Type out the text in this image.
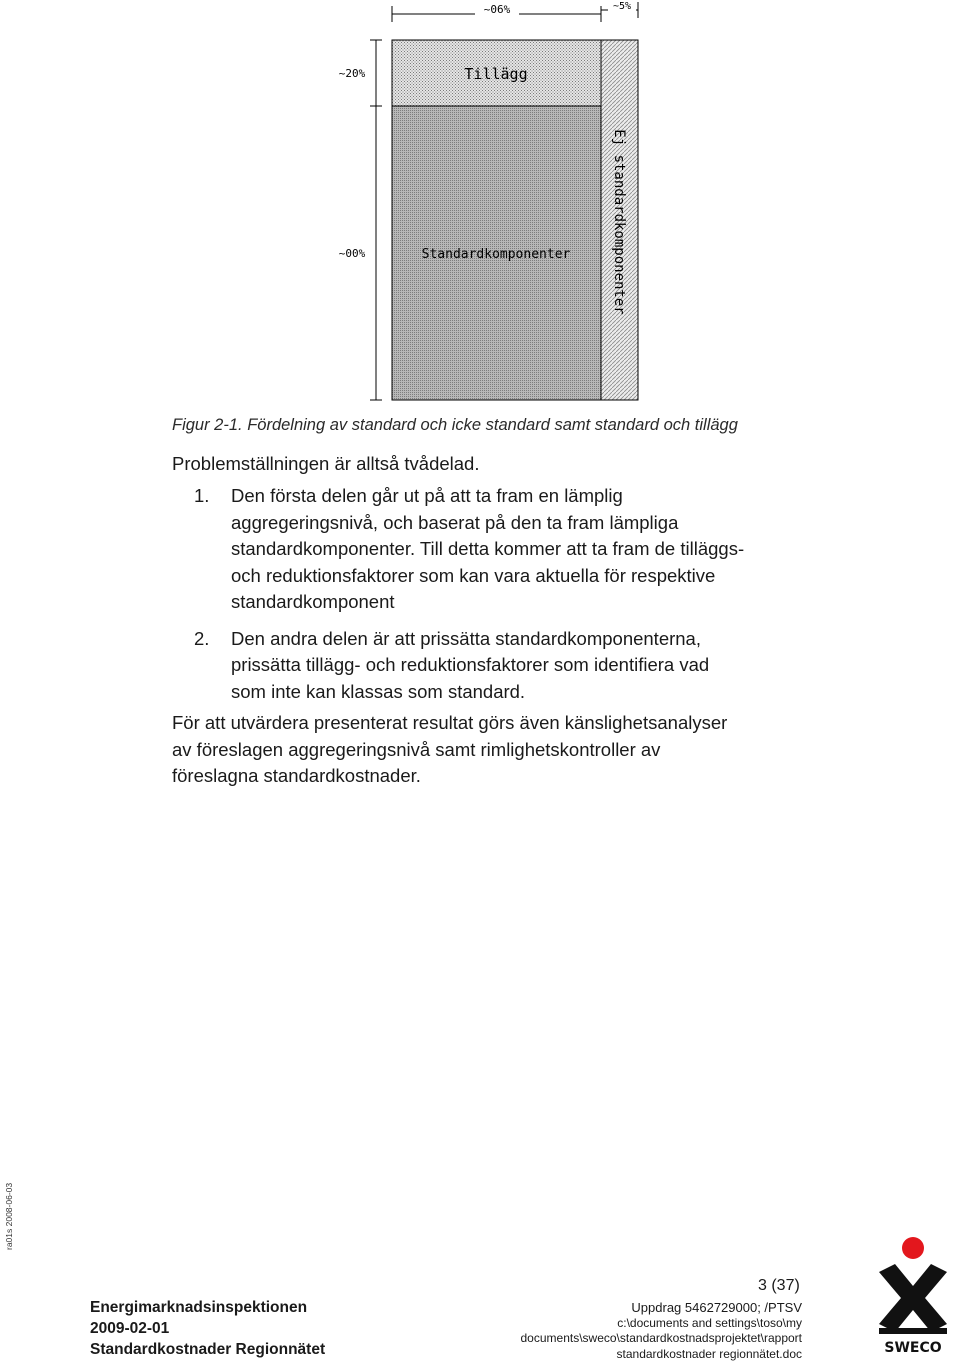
~06%	~5%
~20%
~00%
Tillägg
Standardkomponenter	Ej standardkomponenter
Figur 2-1. Fördelning av standard och icke standard samt standard och tillägg
Problemställningen är alltså tvådelad.
1. Den första delen går ut på att ta fram en lämplig
aggregeringsnivå, och baserat på den ta fram lämpliga
standardkomponenter. Till detta kommer att ta fram de tilläggs-
och reduktionsfaktorer som kan vara aktuella för respektive
standardkomponent
2. Den andra delen är att prissätta standardkomponenterna,
prissätta tillägg- och reduktionsfaktorer som identifiera vad
som inte kan klassas som standard.
För att utvärdera presenterat resultat görs även känslighetsanalyser
av föreslagen aggregeringsnivå samt rimlighetskontroller av
föreslagna standardkostnader.
ra01s 2008-06-03
Energimarknadsinspektionen
2009-02-01
Standardkostnader Regionnätet
3 (37)
Uppdrag 5462729000; /PTSV
c:\documents and settings\toso\my
documents\sweco\standardkostnadsprojektet\rapport
standardkostnader regionnätet.doc	SWECO
